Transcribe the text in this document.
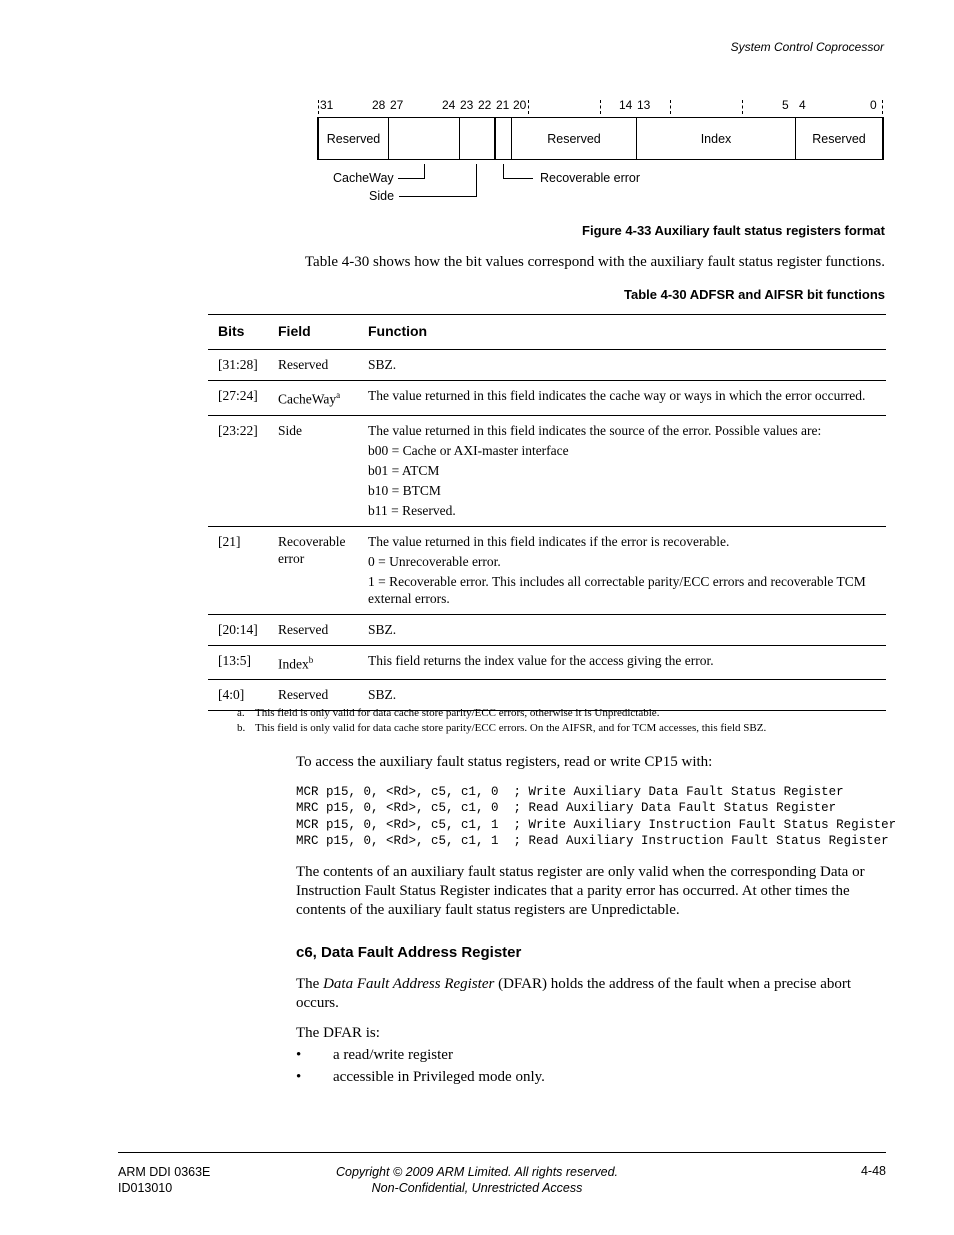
System Control Coprocessor
31	28 27	24 23 22 21 20	14 13	5 4	0
Reserved	Reserved	Index	Reserved
CacheWay
Side
Recoverable error
Figure 4-33 Auxiliary fault status registers format
Table 4-30 shows how the bit values correspond with the auxiliary fault status register functions.
Table 4-30 ADFSR and AIFSR bit functions
Bits	Field	Function
[31:28]	Reserved	SBZ.

[27:24]	CacheWay$^a$	The value returned in this field indicates the cache way or ways in which the error occurred.

[23:22]	Side	The value returned in this field indicates the source of the error. Possible values are:

b00 = Cache or AXI-master interface

b01 = ATCM

b10 = BTCM

b11 = Reserved.

[21]	Recoverable error	The value returned in this field indicates if the error is recoverable.

0 = Unrecoverable error.

1 = Recoverable error. This includes all correctable parity/ECC errors and recoverable TCM external errors.

[20:14]	Reserved	SBZ.

[13:5]	Index$^b$	This field returns the index value for the access giving the error.

[4:0]	Reserved	SBZ.

a. This field is only valid for data cache store parity/ECC errors, otherwise it is Unpredictable.
b. This field is only valid for data cache store parity/ECC errors. On the AIFSR, and for TCM accesses, this field SBZ.
To access the auxiliary fault status registers, read or write CP15 with:
MCR p15, 0, <Rd>, c5, c1, 0  ; Write Auxiliary Data Fault Status Register
MRC p15, 0, <Rd>, c5, c1, 0  ; Read Auxiliary Data Fault Status Register
MCR p15, 0, <Rd>, c5, c1, 1  ; Write Auxiliary Instruction Fault Status Register
MRC p15, 0, <Rd>, c5, c1, 1  ; Read Auxiliary Instruction Fault Status Register

The contents of an auxiliary fault status register are only valid when the corresponding Data or Instruction Fault Status Register indicates that a parity error has occurred. At other times the contents of the auxiliary fault status registers are Unpredictable.

c6, Data Fault Address Register

The Data Fault Address Register (DFAR) holds the address of the fault when a precise abort occurs.

The DFAR is:
•	a read/write register
•	accessible in Privileged mode only.
ARM DDI 0363E
ID013010
Copyright © 2009 ARM Limited. All rights reserved.
Non-Confidential, Unrestricted Access
4-48
